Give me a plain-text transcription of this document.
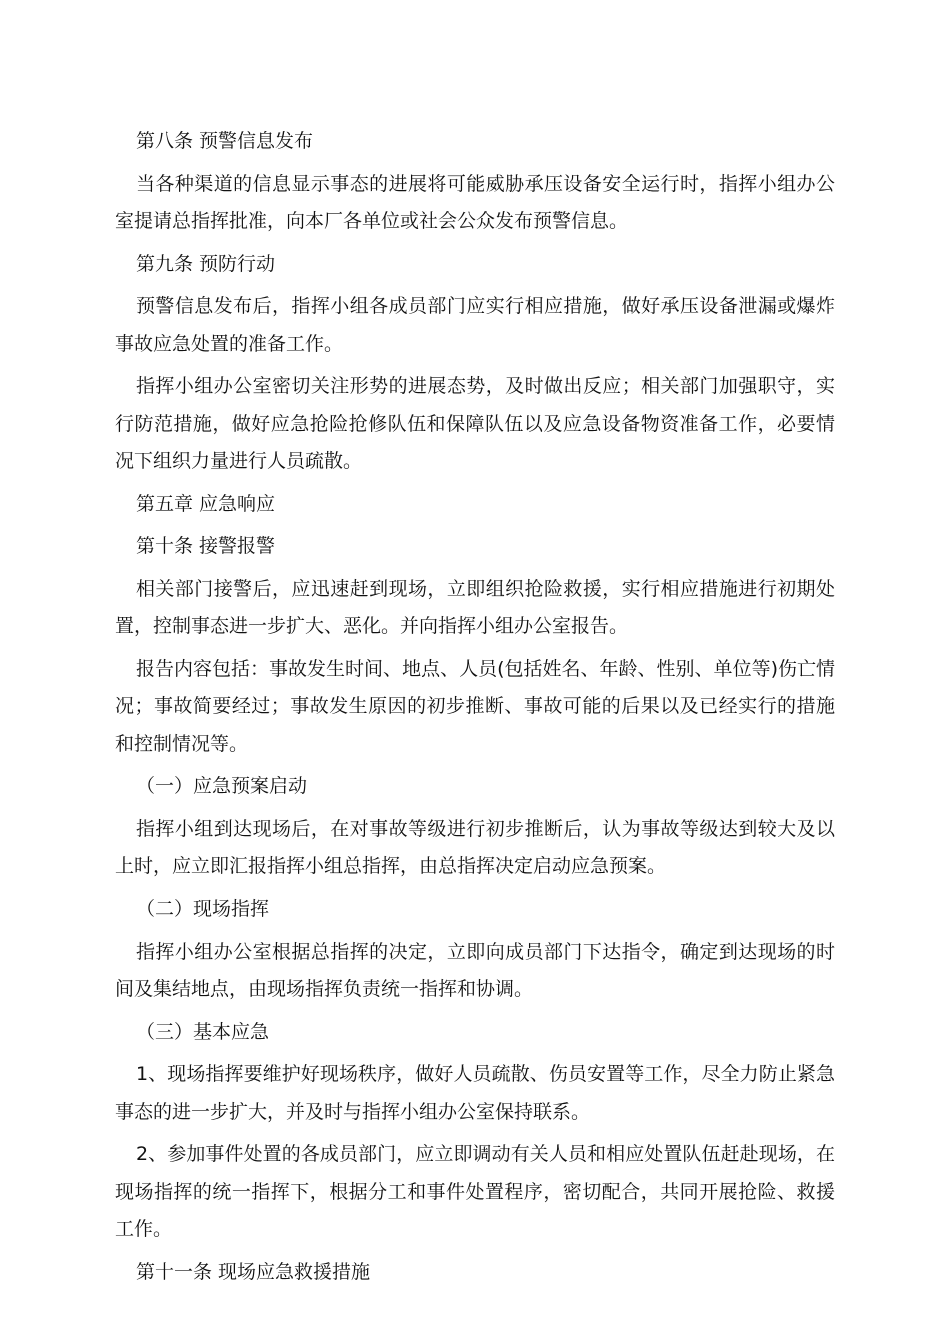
第八条 预警信息发布

当各种渠道的信息显示事态的进展将可能威胁承压设备安全运行时，指挥小组办公室提请总指挥批准，向本厂各单位或社会公众发布预警信息。

第九条 预防行动

预警信息发布后，指挥小组各成员部门应实行相应措施，做好承压设备泄漏或爆炸事故应急处置的准备工作。

指挥小组办公室密切关注形势的进展态势，及时做出反应；相关部门加强职守，实行防范措施，做好应急抢险抢修队伍和保障队伍以及应急设备物资准备工作，必要情况下组织力量进行人员疏散。

第五章 应急响应

第十条 接警报警

相关部门接警后，应迅速赶到现场，立即组织抢险救援，实行相应措施进行初期处置，控制事态进一步扩大、恶化。并向指挥小组办公室报告。

报告内容包括：事故发生时间、地点、人员(包括姓名、年龄、性别、单位等)伤亡情况；事故简要经过；事故发生原因的初步推断、事故可能的后果以及已经实行的措施和控制情况等。

（一）应急预案启动

指挥小组到达现场后，在对事故等级进行初步推断后，认为事故等级达到较大及以上时，应立即汇报指挥小组总指挥，由总指挥决定启动应急预案。

（二）现场指挥

指挥小组办公室根据总指挥的决定，立即向成员部门下达指令，确定到达现场的时间及集结地点，由现场指挥负责统一指挥和协调。

（三）基本应急

1、现场指挥要维护好现场秩序，做好人员疏散、伤员安置等工作，尽全力防止紧急事态的进一步扩大，并及时与指挥小组办公室保持联系。

2、参加事件处置的各成员部门，应立即调动有关人员和相应处置队伍赶赴现场，在现场指挥的统一指挥下，根据分工和事件处置程序，密切配合，共同开展抢险、救援工作。

第十一条 现场应急救援措施
